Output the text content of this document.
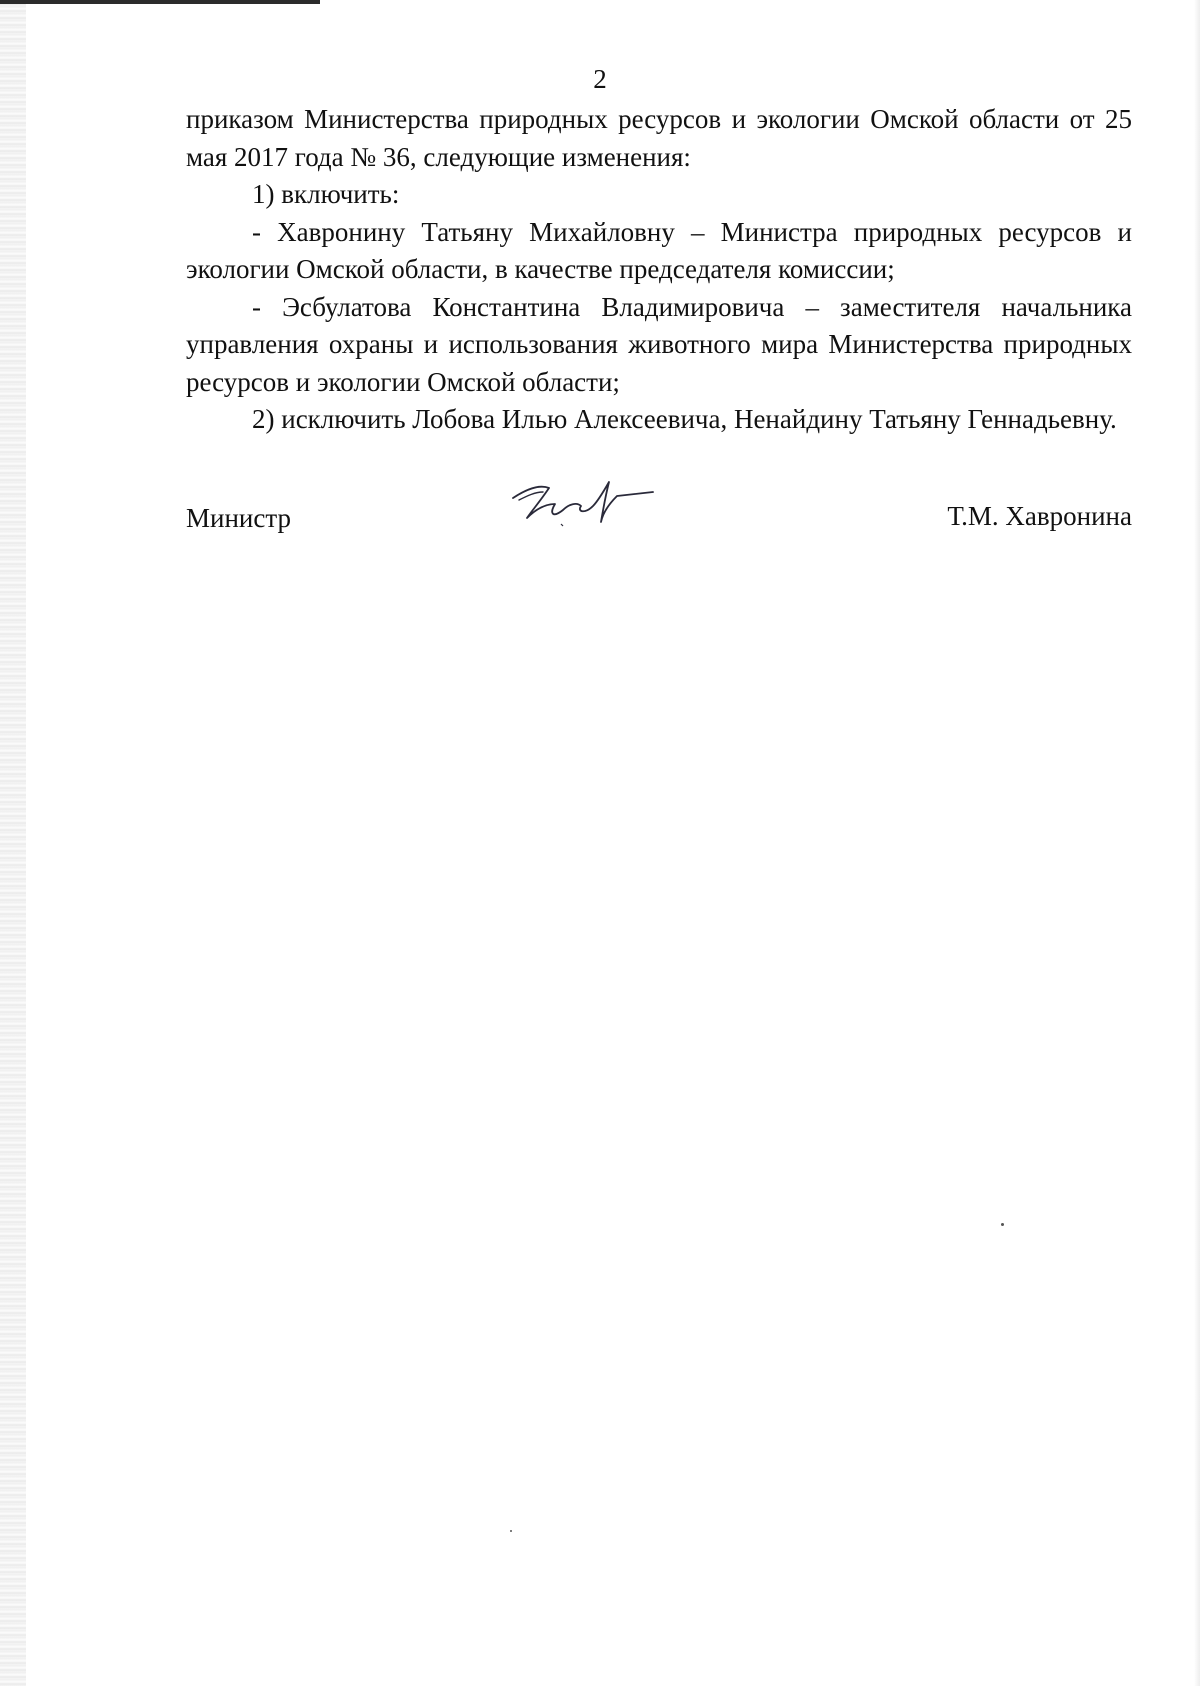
2

приказом Министерства природных ресурсов и экологии Омской области от 25 мая 2017 года № 36, следующие изменения:

1) включить:

- Хавронину Татьяну Михайловну – Министра природных ресурсов и экологии Омской области, в качестве председателя комиссии;

- Эсбулатова Константина Владимировича – заместителя начальника управления охраны и использования животного мира Министерства природных ресурсов и экологии Омской области;

2) исключить Лобова Илью Алексеевича, Ненайдину Татьяну Геннадьевну.

Министр	Т.М. Хавронина
